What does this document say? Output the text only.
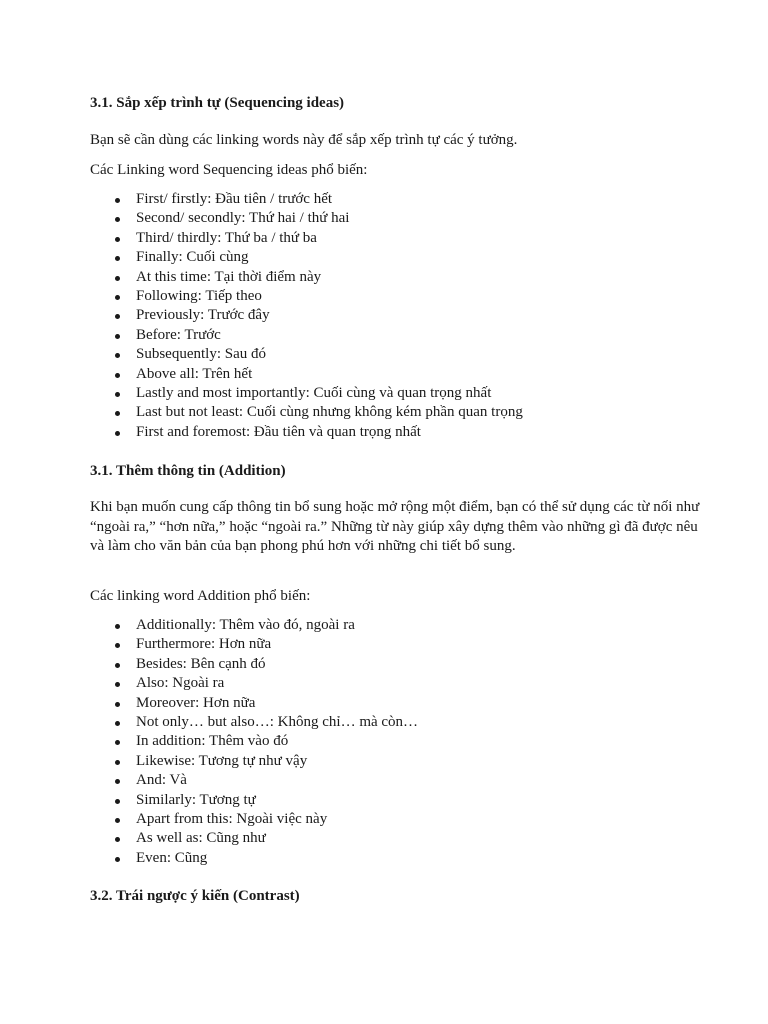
3.1. Sắp xếp trình tự (Sequencing ideas)

Bạn sẽ cần dùng các linking words này để sắp xếp trình tự các ý tưởng.

Các Linking word Sequencing ideas phổ biến:

First/ firstly: Đầu tiên / trước hết
Second/ secondly: Thứ hai / thứ hai
Third/ thirdly: Thứ ba / thứ ba
Finally: Cuối cùng
At this time: Tại thời điểm này
Following: Tiếp theo
Previously: Trước đây
Before: Trước
Subsequently: Sau đó
Above all: Trên hết
Lastly and most importantly: Cuối cùng và quan trọng nhất
Last but not least: Cuối cùng nhưng không kém phần quan trọng
First and foremost: Đầu tiên và quan trọng nhất
3.1. Thêm thông tin (Addition)

Khi bạn muốn cung cấp thông tin bổ sung hoặc mở rộng một điểm, bạn có thể sử dụng các từ nối như “ngoài ra,” “hơn nữa,” hoặc “ngoài ra.” Những từ này giúp xây dựng thêm vào những gì đã được nêu và làm cho văn bản của bạn phong phú hơn với những chi tiết bổ sung.

Các linking word Addition phổ biến:

Additionally: Thêm vào đó, ngoài ra
Furthermore: Hơn nữa
Besides: Bên cạnh đó
Also: Ngoài ra
Moreover: Hơn nữa
Not only… but also…: Không chỉ… mà còn…
In addition: Thêm vào đó
Likewise: Tương tự như vậy
And: Và
Similarly: Tương tự
Apart from this: Ngoài việc này
As well as: Cũng như
Even: Cũng
3.2. Trái ngược ý kiến (Contrast)
